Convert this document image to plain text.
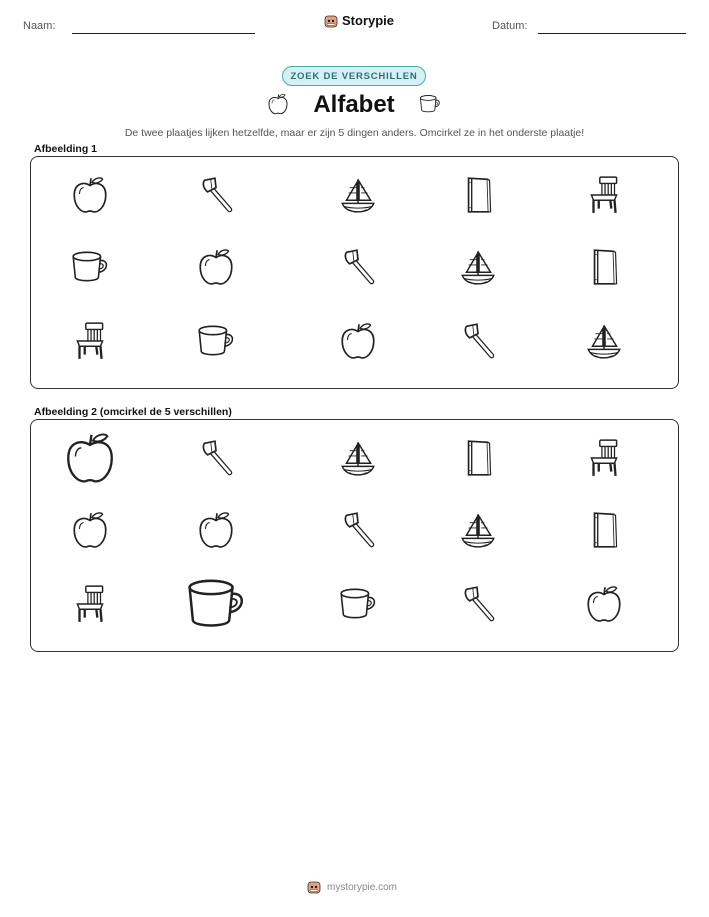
Naam:	Storypie	Datum:
ZOEK DE VERSCHILLEN
Alfabet
De twee plaatjes lijken hetzelfde, maar er zijn 5 dingen anders. Omcirkel ze in het onderste plaatje!
Afbeelding 1
Afbeelding 2 (omcirkel de 5 verschillen)
mystorypie.com
